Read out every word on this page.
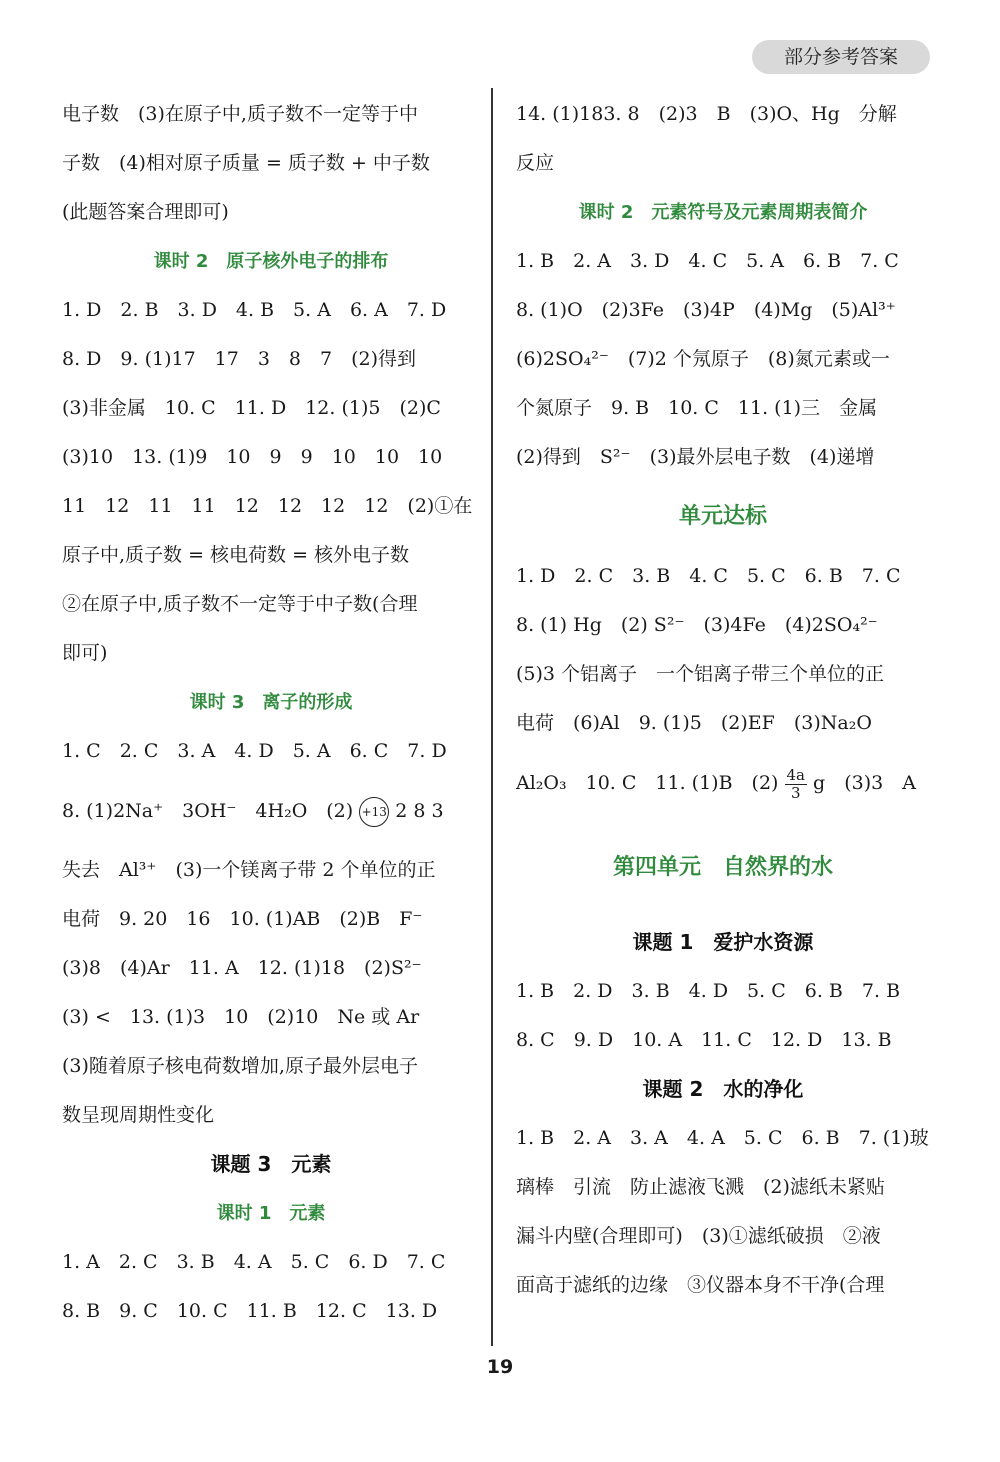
部分参考答案
电子数　(3)在原子中,质子数不一定等于中
子数　(4)相对原子质量 = 质子数 + 中子数
(此题答案合理即可)
课时 2　原子核外电子的排布
1. D　2. B　3. D　4. B　5. A　6. A　7. D
8. D　9. (1)17　17　3　8　7　(2)得到
(3)非金属　10. C　11. D　12. (1)5　(2)C
(3)10　13. (1)9　10　9　9　10　10　10
11　12　11　11　12　12　12　12　(2)①在
原子中,质子数 = 核电荷数 = 核外电子数
②在原子中,质子数不一定等于中子数(合理
即可)
课时 3　离子的形成
1. C　2. C　3. A　4. D　5. A　6. C　7. D
8. (1)2Na⁺　3OH⁻　4H₂O　(2) +13 2 8 3
失去　Al³⁺　(3)一个镁离子带 2 个单位的正
电荷　9. 20　16　10. (1)AB　(2)B　F⁻
(3)8　(4)Ar　11. A　12. (1)18　(2)S²⁻
(3) <　13. (1)3　10　(2)10　Ne 或 Ar
(3)随着原子核电荷数增加,原子最外层电子
数呈现周期性变化
课题 3　元素
课时 1　元素
1. A　2. C　3. B　4. A　5. C　6. D　7. C
8. B　9. C　10. C　11. B　12. C　13. D
14. (1)183. 8　(2)3　B　(3)O、Hg　分解
反应
课时 2　元素符号及元素周期表简介
1. B　2. A　3. D　4. C　5. A　6. B　7. C
8. (1)O　(2)3Fe　(3)4P　(4)Mg　(5)Al³⁺
(6)2SO₄²⁻　(7)2 个氖原子　(8)氮元素或一
个氮原子　9. B　10. C　11. (1)三　金属
(2)得到　S²⁻　(3)最外层电子数　(4)递增
单元达标
1. D　2. C　3. B　4. C　5. C　6. B　7. C
8. (1) Hg　(2) S²⁻　(3)4Fe　(4)2SO₄²⁻
(5)3 个铝离子　一个铝离子带三个单位的正
电荷　(6)Al　9. (1)5　(2)EF　(3)Na₂O
Al₂O₃　10. C　11. (1)B　$(2) \frac{4a}{3}$ g　(3)3　A
第四单元　自然界的水
课题 1　爱护水资源
1. B　2. D　3. B　4. D　5. C　6. B　7. B
8. C　9. D　10. A　11. C　12. D　13. B
课题 2　水的净化
1. B　2. A　3. A　4. A　5. C　6. B　7. (1)玻
璃棒　引流　防止滤液飞溅　(2)滤纸未紧贴
漏斗内壁(合理即可)　(3)①滤纸破损　②液
面高于滤纸的边缘　③仪器本身不干净(合理
19
